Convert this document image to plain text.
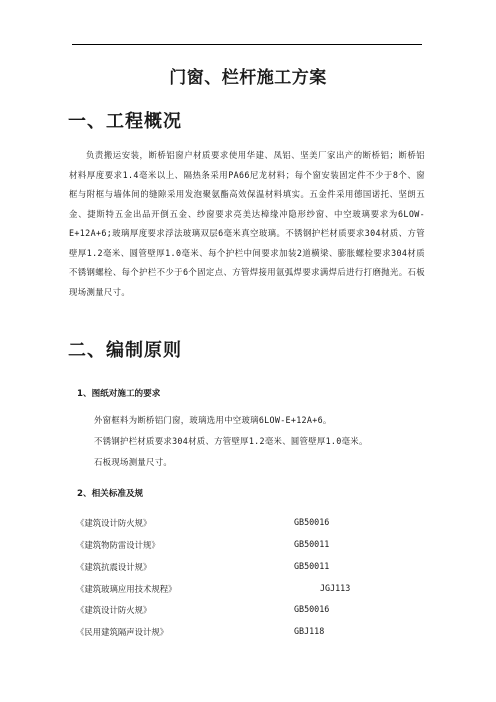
门窗、栏杆施工方案
一、工程概况

负责搬运安装，断桥铝窗户材质要求使用华建、凤铝、坚美厂家出产的断桥铝；断桥铝材料厚度要求1.4毫米以上、隔热条采用PA66尼龙材料；每个窗安装固定件不少于8个、窗框与附框与墙体间的缝隙采用发泡聚氨酯高效保温材料填实。五金件采用德国诺托、坚朗五金、捷斯特五金出品开倒五金、纱窗要求亮美达樟缘冲隐形纱窗、中空玻璃要求为6LOW-E+12A+6;玻璃厚度要求浮法玻璃双层6毫米真空玻璃。不锈钢护栏材质要求304材质、方管壁厚1.2毫米、圆管壁厚1.0毫米、每个护栏中间要求加装2道横梁、膨胀螺栓要求304材质不锈钢螺栓、每个护栏不少于6个固定点、方管焊接用氩弧焊要求满焊后进行打磨抛光。石板现场测量尺寸。

二、编制原则
1、图纸对施工的要求

外窗框料为断桥铝门窗，玻璃选用中空玻璃6LOW-E+12A+6。

不锈钢护栏材质要求304材质、方管壁厚1.2毫米、圆管壁厚1.0毫米。

石板现场测量尺寸。

2、相关标准及规
《建筑设计防火规》	GB50016
《建筑物防雷设计规》	GB50011
《建筑抗震设计规》	GB50011
《建筑玻璃应用技术规程》	JGJ113
《建筑设计防火规》	GB50016
《民用建筑隔声设计规》	GBJ118
